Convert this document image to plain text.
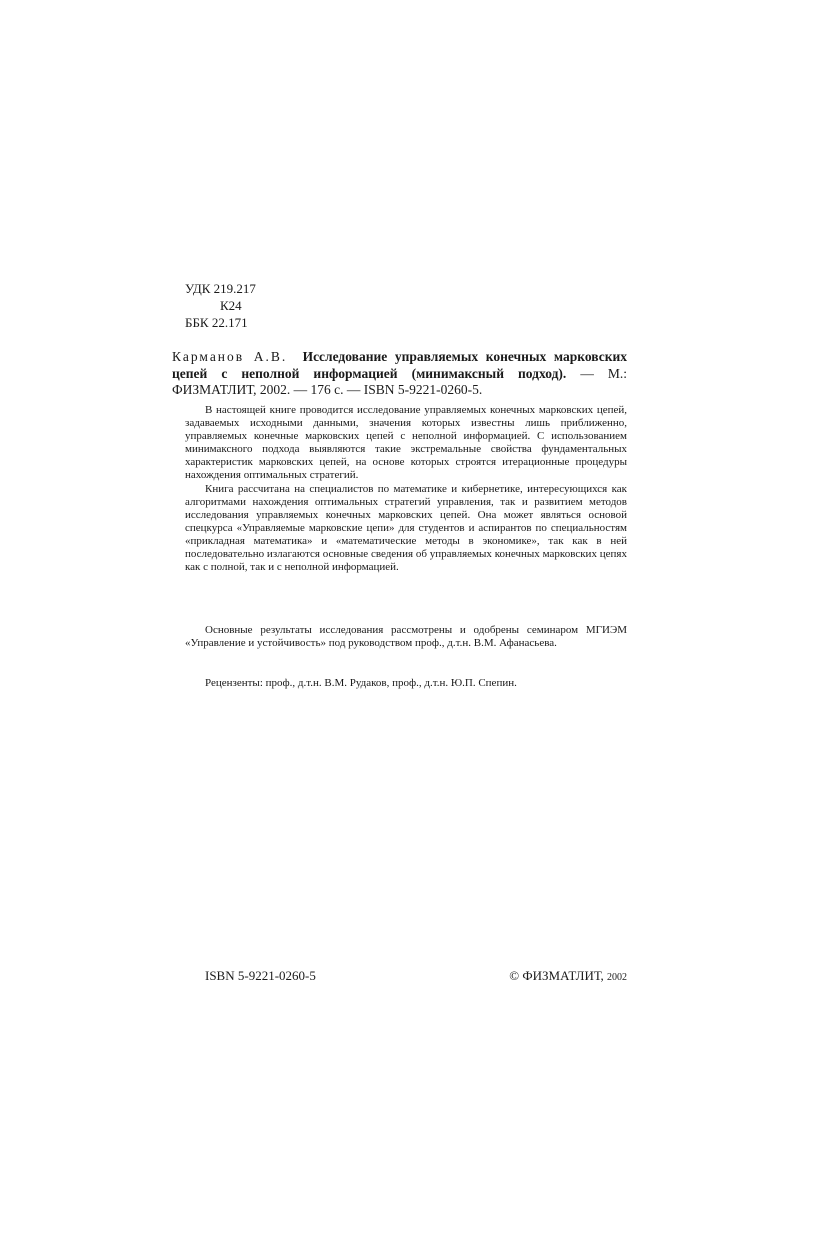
УДК 219.217
К24
ББК 22.171
Карманов А.В. Исследование управляемых конечных марковских цепей с неполной информацией (минимаксный подход). — М.: ФИЗМАТЛИТ, 2002. — 176 с. — ISBN 5-9221-0260-5.

В настоящей книге проводится исследование управляемых конечных марковских цепей, задаваемых исходными данными, значения которых известны лишь приближенно, управляемых конечные марковских цепей с неполной информацией. С использованием минимаксного подхода выявляются такие экстремальные свойства фундаментальных характеристик марковских цепей, на основе которых строятся итерационные процедуры нахождения оптимальных стратегий.

Книга рассчитана на специалистов по математике и кибернетике, интересующихся как алгоритмами нахождения оптимальных стратегий управления, так и развитием методов исследования управляемых конечных марковских цепей. Она может являться основой спецкурса «Управляемые марковские цепи» для студентов и аспирантов по специальностям «прикладная математика» и «математические методы в экономике», так как в ней последовательно излагаются основные сведения об управляемых конечных марковских цепях как с полной, так и с неполной информацией.

Основные результаты исследования рассмотрены и одобрены семинаром МГИЭМ «Управление и устойчивость» под руководством проф., д.т.н. В.М. Афанасьева.

Рецензенты: проф., д.т.н. В.М. Рудаков, проф., д.т.н. Ю.П. Спепин.

ISBN 5-9221-0260-5	© ФИЗМАТЛИТ, 2002
